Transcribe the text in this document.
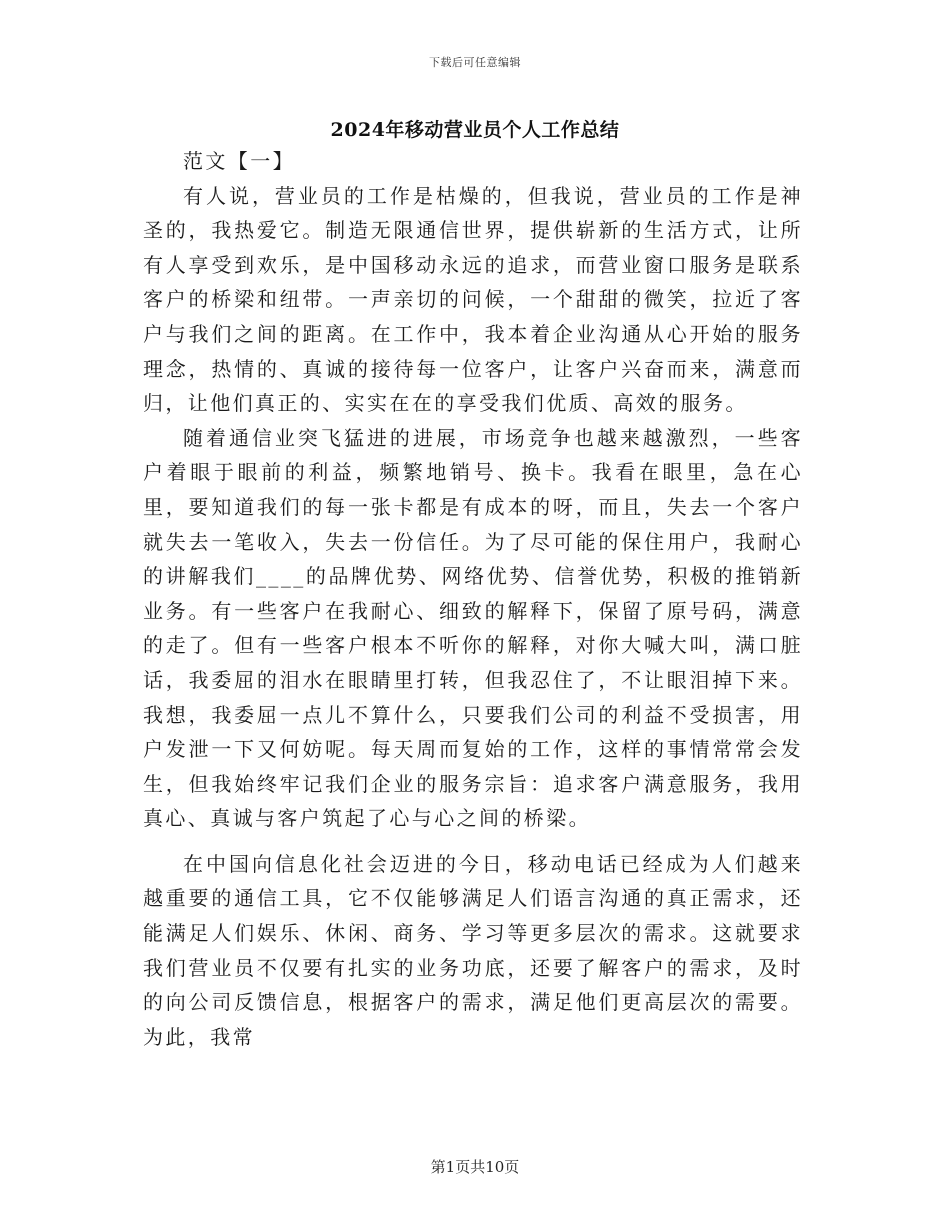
下载后可任意编辑
2024年移动营业员个人工作总结

范文【一】

有人说，营业员的工作是枯燥的，但我说，营业员的工作是神圣的，我热爱它。制造无限通信世界，提供崭新的生活方式，让所有人享受到欢乐，是中国移动永远的追求，而营业窗口服务是联系客户的桥梁和纽带。一声亲切的问候，一个甜甜的微笑，拉近了客户与我们之间的距离。在工作中，我本着企业沟通从心开始的服务理念，热情的、真诚的接待每一位客户，让客户兴奋而来，满意而归，让他们真正的、实实在在的享受我们优质、高效的服务。

随着通信业突飞猛进的进展，市场竞争也越来越激烈，一些客户着眼于眼前的利益，频繁地销号、换卡。我看在眼里，急在心里，要知道我们的每一张卡都是有成本的呀，而且，失去一个客户就失去一笔收入，失去一份信任。为了尽可能的保住用户，我耐心的讲解我们____的品牌优势、网络优势、信誉优势，积极的推销新业务。有一些客户在我耐心、细致的解释下，保留了原号码，满意的走了。但有一些客户根本不听你的解释，对你大喊大叫，满口脏话，我委屈的泪水在眼睛里打转，但我忍住了，不让眼泪掉下来。我想，我委屈一点儿不算什么，只要我们公司的利益不受损害，用户发泄一下又何妨呢。每天周而复始的工作，这样的事情常常会发生，但我始终牢记我们企业的服务宗旨：追求客户满意服务，我用真心、真诚与客户筑起了心与心之间的桥梁。

在中国向信息化社会迈进的今日，移动电话已经成为人们越来越重要的通信工具，它不仅能够满足人们语言沟通的真正需求，还能满足人们娱乐、休闲、商务、学习等更多层次的需求。这就要求我们营业员不仅要有扎实的业务功底，还要了解客户的需求，及时的向公司反馈信息，根据客户的需求，满足他们更高层次的需要。为此，我常

第1页共10页
